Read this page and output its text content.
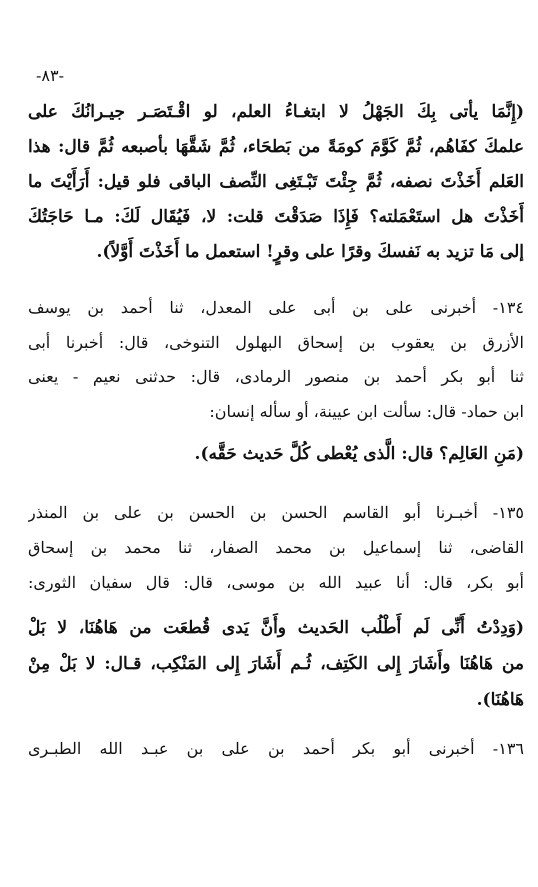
-٨٣-
(إِنَّمَا يأتى بِكَ الجَهْلُ لا ابتغـاءُ العلم، لو اقْـتَصَـر جيـرانُكَ على
علمكَ كفَاهُم، ثُمَّ كَوَّمَ كومَةً من بَطحَاء، ثُمَّ شَقَّهَا بأصبعه ثُمَّ قال: هذا
العَلم أَخَذْتَ نصفه، ثُمَّ جِئْتَ تَبْـتَغِى النِّصف الباقى فلو قيل: أَرَأَيْتَ ما
أَخَذْتَ هل استَعْمَلته؟ فَإِذَا صَدَقْتَ قلت: لا، فَيُقَال لَكَ: مـا حَاجَتُكَ
إلى مَا تزيد به نَفسكَ وقرًا على وقرٍ! استعمل ما أَخَذْتَ أَوَّلاً).
١٣٤- أخبرنى على بن أبى على المعدل، ثنا أحمد بن يوسف
الأزرق بن يعقوب بن إسحاق البهلول التنوخى، قال: أخبرنا أبى
ثنا أبو بكر أحمد بن منصور الرمادى، قال: حدثنى نعيم - يعنى
ابن حماد- قال: سألت ابن عيينة، أو سأله إنسان:
(مَنِ العَالِم؟ قال: الَّذى يُعْطى كُلَّ حَديث حَقَّه).
١٣٥- أخبـرنا أبو القاسم الحسن بن الحسن بن على بن المنذر
القاضى، ثنا إسماعيل بن محمد الصفار، ثنا محمد بن إسحاق
أبو بكر، قال: أنا عبيد الله بن موسى، قال: قال سفيان الثورى:
(وَدِدْتُ أَنِّى لَم أَطْلُب الحَديث وأَنَّ يَدى قُطعَت من هَاهُنَا، لا بَلْ
من هَاهُنَا وأَشَارَ إِلى الكَتِف، ثُـم أَشَارَ إِلى المَنْكِب، قـال: لا بَلْ مِنْ
هَاهُنَا).
١٣٦- أخبرنى أبو بكر أحمد بن على بن عبـد الله الطبـرى
